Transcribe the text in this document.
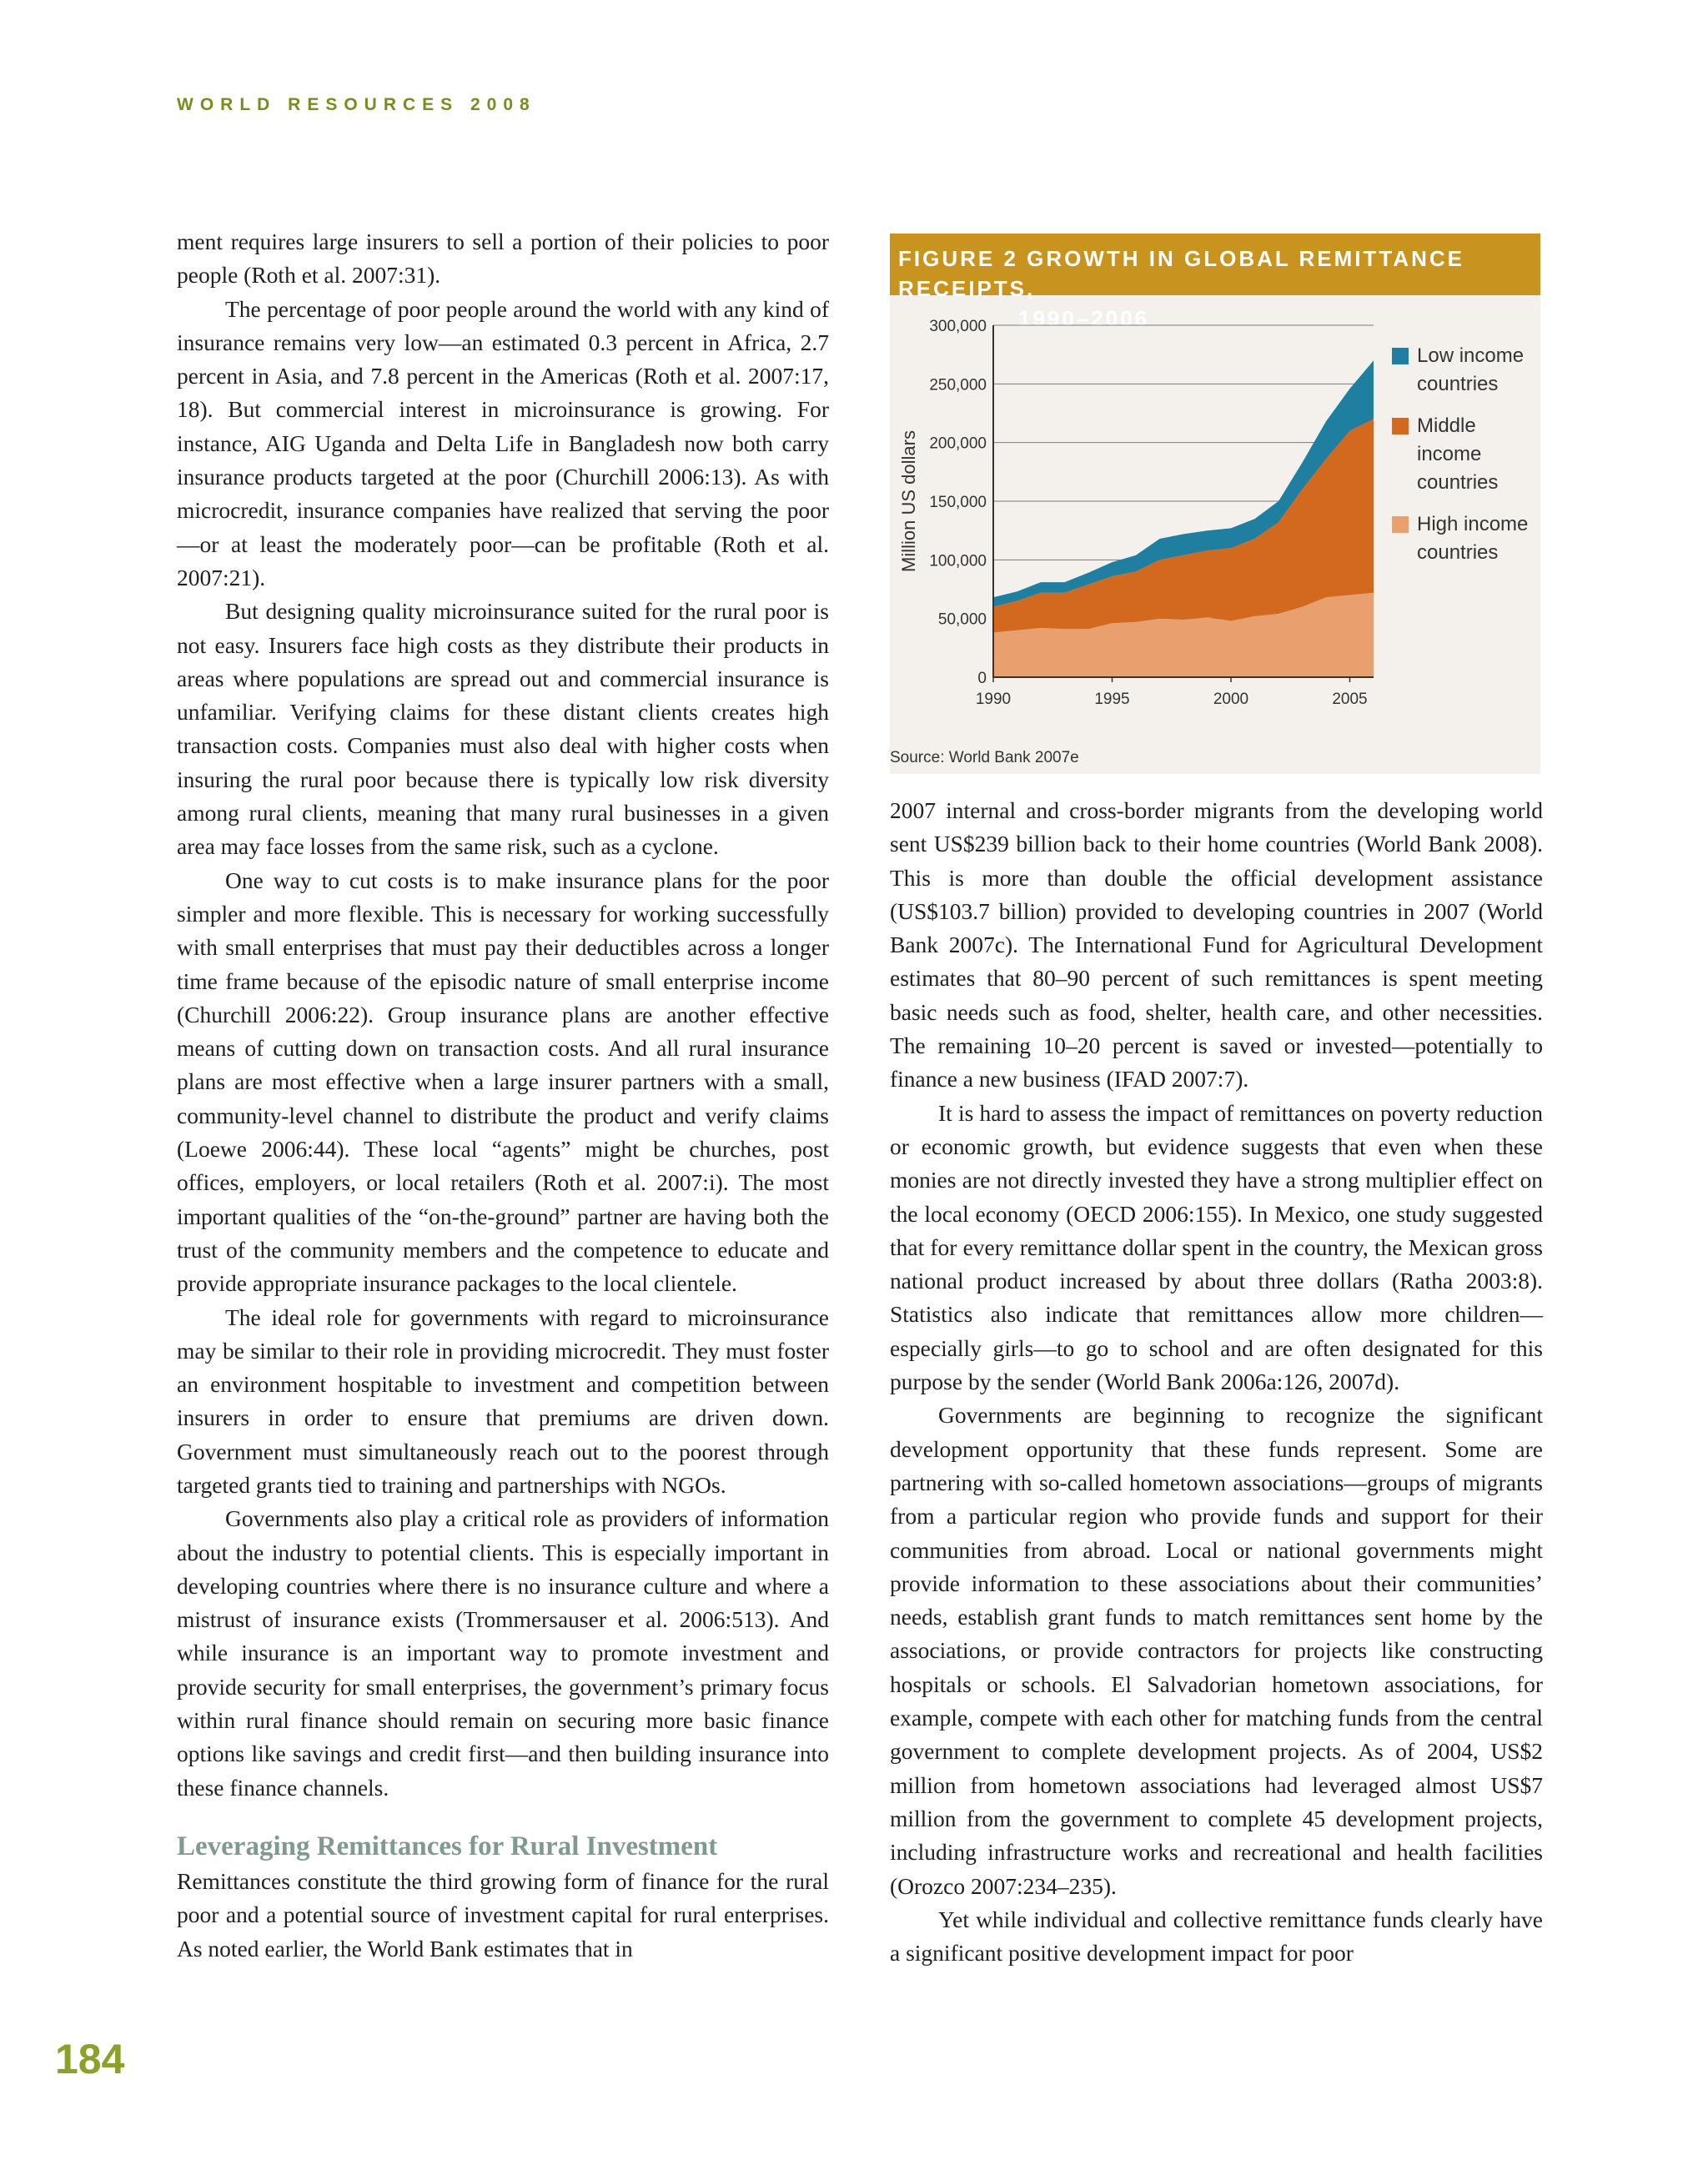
WORLD RESOURCES 2008

ment requires large insurers to sell a portion of their policies to poor people (Roth et al. 2007:31).

The percentage of poor people around the world with any kind of insurance remains very low—an estimated 0.3 percent in Africa, 2.7 percent in Asia, and 7.8 percent in the Americas (Roth et al. 2007:17, 18). But commercial interest in microinsurance is growing. For instance, AIG Uganda and Delta Life in Bangladesh now both carry insurance products targeted at the poor (Churchill 2006:13). As with microcredit, insurance companies have realized that serving the poor—or at least the moderately poor—can be profitable (Roth et al. 2007:21).

But designing quality microinsurance suited for the rural poor is not easy. Insurers face high costs as they distribute their products in areas where populations are spread out and commercial insurance is unfamiliar. Verifying claims for these distant clients creates high transaction costs. Companies must also deal with higher costs when insuring the rural poor because there is typically low risk diversity among rural clients, meaning that many rural businesses in a given area may face losses from the same risk, such as a cyclone.

One way to cut costs is to make insurance plans for the poor simpler and more flexible. This is necessary for working successfully with small enterprises that must pay their deductibles across a longer time frame because of the episodic nature of small enterprise income (Churchill 2006:22). Group insurance plans are another effective means of cutting down on transaction costs. And all rural insurance plans are most effective when a large insurer partners with a small, community-level channel to distribute the product and verify claims (Loewe 2006:44). These local “agents” might be churches, post offices, employers, or local retailers (Roth et al. 2007:i). The most important qualities of the “on-the-ground” partner are having both the trust of the community members and the competence to educate and provide appropriate insurance packages to the local clientele.

The ideal role for governments with regard to microinsurance may be similar to their role in providing microcredit. They must foster an environment hospitable to investment and competition between insurers in order to ensure that premiums are driven down. Government must simultaneously reach out to the poorest through targeted grants tied to training and partnerships with NGOs.

Governments also play a critical role as providers of information about the industry to potential clients. This is especially important in developing countries where there is no insurance culture and where a mistrust of insurance exists (Trommersauser et al. 2006:513). And while insurance is an important way to promote investment and provide security for small enterprises, the government’s primary focus within rural finance should remain on securing more basic finance options like savings and credit first—and then building insurance into these finance channels.

Leveraging Remittances for Rural Investment

Remittances constitute the third growing form of finance for the rural poor and a potential source of investment capital for rural enterprises. As noted earlier, the World Bank estimates that in

FIGURE 2 GROWTH IN GLOBAL REMITTANCE RECEIPTS,
1990–2006
0
50,000
100,000
150,000
200,000
250,000
300,000
1990	1995	2000	2005
Million US dollars
Low income countries
Middle income countries
High income countries
Source: World Bank 2007e

2007 internal and cross-border migrants from the developing world sent US$239 billion back to their home countries (World Bank 2008). This is more than double the official development assistance (US$103.7 billion) provided to developing countries in 2007 (World Bank 2007c). The International Fund for Agricultural Development estimates that 80–90 percent of such remittances is spent meeting basic needs such as food, shelter, health care, and other necessities. The remaining 10–20 percent is saved or invested—potentially to finance a new business (IFAD 2007:7).

It is hard to assess the impact of remittances on poverty reduction or economic growth, but evidence suggests that even when these monies are not directly invested they have a strong multiplier effect on the local economy (OECD 2006:155). In Mexico, one study suggested that for every remittance dollar spent in the country, the Mexican gross national product increased by about three dollars (Ratha 2003:8). Statistics also indicate that remittances allow more children—especially girls—to go to school and are often designated for this purpose by the sender (World Bank 2006a:126, 2007d).

Governments are beginning to recognize the significant development opportunity that these funds represent. Some are partnering with so-called hometown associations—groups of migrants from a particular region who provide funds and support for their communities from abroad. Local or national governments might provide information to these associations about their communities’ needs, establish grant funds to match remittances sent home by the associations, or provide contractors for projects like constructing hospitals or schools. El Salvadorian hometown associations, for example, compete with each other for matching funds from the central government to complete development projects. As of 2004, US$2 million from hometown associations had leveraged almost US$7 million from the government to complete 45 development projects, including infrastructure works and recreational and health facilities (Orozco 2007:234–235).

Yet while individual and collective remittance funds clearly have a significant positive development impact for poor

184
